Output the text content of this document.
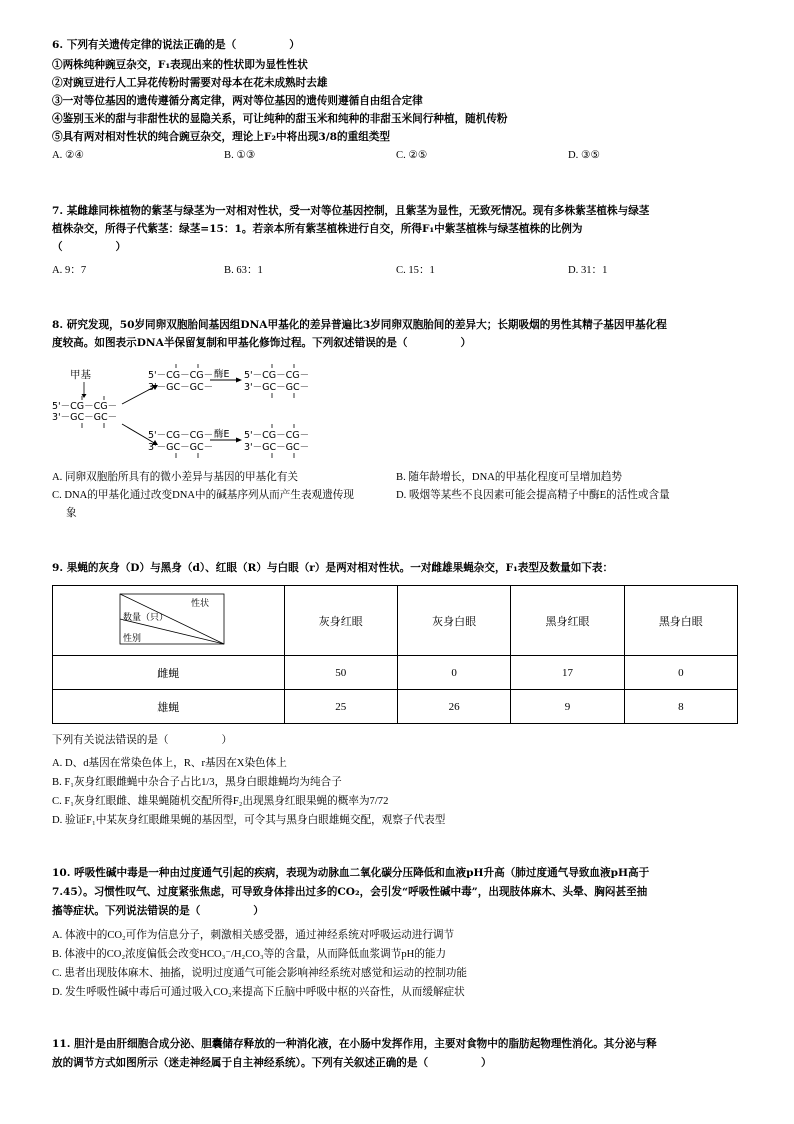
6. 下列有关遗传定律的说法正确的是（　　　　　）
①两株纯种豌豆杂交，F₁表现出来的性状即为显性性状
②对豌豆进行人工异花传粉时需要对母本在花未成熟时去雄
③一对等位基因的遗传遵循分离定律，两对等位基因的遗传则遵循自由组合定律
④鉴别玉米的甜与非甜性状的显隐关系，可让纯种的甜玉米和纯种的非甜玉米间行种植，随机传粉
⑤具有两对相对性状的纯合豌豆杂交，理论上F₂中将出现3/8的重组类型
A. ②④	B. ①③	C. ②⑤	D. ③⑤
7. 某雌雄同株植物的紫茎与绿茎为一对相对性状，受一对等位基因控制，且紫茎为显性，无致死情况。现有多株紫茎植株与绿茎
植株杂交，所得子代紫茎：绿茎=15：1。若亲本所有紫茎植株进行自交，所得F₁中紫茎植株与绿茎植株的比例为
（　　　　　）
A. 9：7	B. 63：1	C. 15：1	D. 31：1
8. 研究发现，50岁同卵双胞胎间基因组DNA甲基化的差异普遍比3岁同卵双胞胎间的差异大；长期吸烟的男性其精子基因甲基化程
度较高。如图表示DNA半保留复制和甲基化修饰过程。下列叙述错误的是（　　　　　）
甲基
5'－CG－CG－
3'－GC－GC－
5'－CG－CG－
3'－GC－GC－
酶E 5'－CG－CG－
3'－GC－GC－
5'－CG－CG－
3'－GC－GC－
酶E 5'－CG－CG－
3'－GC－GC－
A. 同卵双胞胎所具有的微小差异与基因的甲基化有关	B. 随年龄增长，DNA的甲基化程度可呈增加趋势
C. DNA的甲基化通过改变DNA中的碱基序列从而产生表观遗传现
象
D. 吸烟等某些不良因素可能会提高精子中酶E的活性或含量
9. 果蝇的灰身（D）与黑身（d）、红眼（R）与白眼（r）是两对相对性状。一对雌雄果蝇杂交，F₁表型及数量如下表：
性状
数量（只）
性别	灰身红眼	灰身白眼	黑身红眼	黑身白眼
雌蝇	50	0	17	0
雄蝇	25	26	9	8
下列有关说法错误的是（　　　　　）
A. D、d基因在常染色体上，R、r基因在X染色体上
B. F₁灰身红眼雌蝇中杂合子占比1/3，黑身白眼雄蝇均为纯合子
C. F₁灰身红眼雌、雄果蝇随机交配所得F₂出现黑身红眼果蝇的概率为7/72
D. 验证F₁中某灰身红眼雌果蝇的基因型，可令其与黑身白眼雄蝇交配，观察子代表型
10. 呼吸性碱中毒是一种由过度通气引起的疾病，表现为动脉血二氧化碳分压降低和血液pH升高（肺过度通气导致血液pH高于
7.45）。习惯性叹气、过度紧张焦虑，可导致身体排出过多的CO₂，会引发“呼吸性碱中毒”，出现肢体麻木、头晕、胸闷甚至抽
搐等症状。下列说法错误的是（　　　　　）
A. 体液中的CO₂可作为信息分子，刺激相关感受器，通过神经系统对呼吸运动进行调节
B. 体液中的CO₂浓度偏低会改变HCO₃⁻/H₂CO₃等的含量，从而降低血浆调节pH的能力
C. 患者出现肢体麻木、抽搐，说明过度通气可能会影响神经系统对感觉和运动的控制功能
D. 发生呼吸性碱中毒后可通过吸入CO₂来提高下丘脑中呼吸中枢的兴奋性，从而缓解症状
11. 胆汁是由肝细胞合成分泌、胆囊储存释放的一种消化液，在小肠中发挥作用，主要对食物中的脂肪起物理性消化。其分泌与释
放的调节方式如图所示（迷走神经属于自主神经系统）。下列有关叙述正确的是（　　　　　）
